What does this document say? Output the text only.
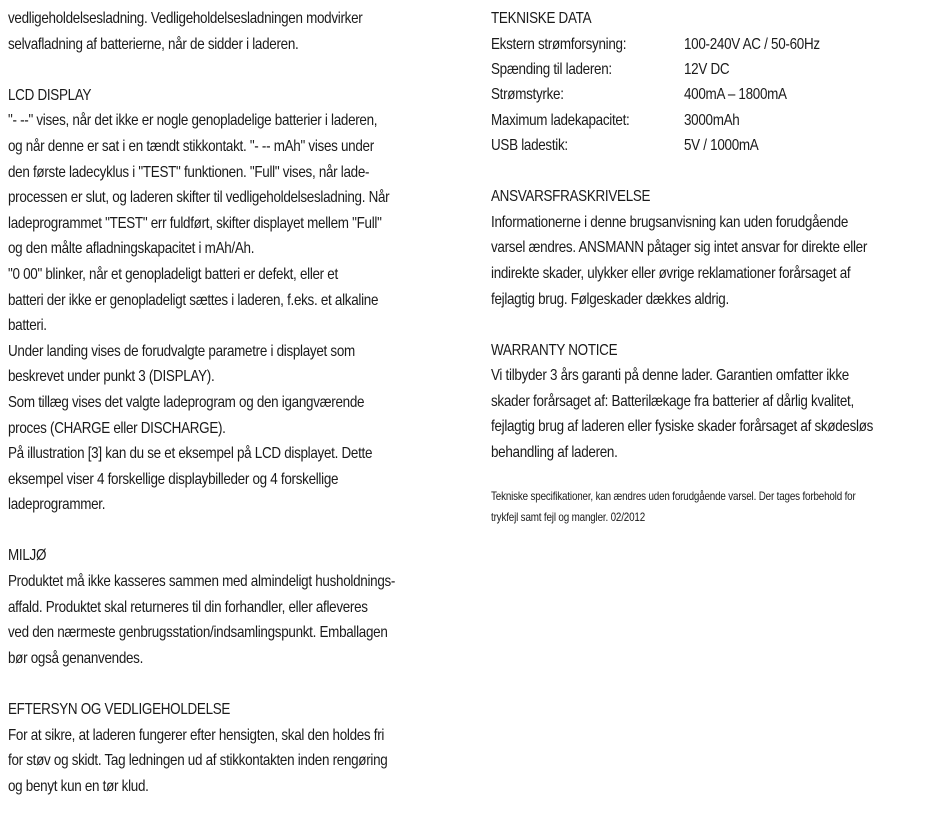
vedligeholdelsesladning. Vedligeholdelsesladningen modvirker
selvafladning af batterierne, når de sidder i laderen.
LCD DISPLAY
"- --" vises, når det ikke er nogle genopladelige batterier i laderen,
og når denne er sat i en tændt stikkontakt. "- -- mAh" vises under
den første ladecyklus i "TEST" funktionen. "Full" vises, når lade-
processen er slut, og laderen skifter til vedligeholdelsesladning. Når
ladeprogrammet "TEST" err fuldført, skifter displayet mellem "Full"
og den målte afladningskapacitet i mAh/Ah.
"0 00" blinker, når et genopladeligt batteri er defekt, eller et
batteri der ikke er genopladeligt sættes i laderen, f.eks. et alkaline
batteri.
Under landing vises de forudvalgte parametre i displayet som
beskrevet under punkt 3 (DISPLAY).
Som tillæg vises det valgte ladeprogram og den igangværende
proces (CHARGE eller DISCHARGE).
På illustration [3] kan du se et eksempel på LCD displayet. Dette
eksempel viser 4 forskellige displaybilleder og 4 forskellige
ladeprogrammer.
MILJØ
Produktet må ikke kasseres sammen med almindeligt husholdnings-
affald. Produktet skal returneres til din forhandler, eller afleveres
ved den nærmeste genbrugsstation/indsamlingspunkt. Emballagen
bør også genanvendes.
EFTERSYN OG VEDLIGEHOLDELSE
For at sikre, at laderen fungerer efter hensigten, skal den holdes fri
for støv og skidt. Tag ledningen ud af stikkontakten inden rengøring
og benyt kun en tør klud.
TEKNISKE DATA
Ekstern strømforsyning:	100-240V AC / 50-60Hz
Spænding til laderen:	12V DC
Strømstyrke:	400mA – 1800mA
Maximum ladekapacitet:	3000mAh
USB ladestik:	5V / 1000mA
ANSVARSFRASKRIVELSE
Informationerne i denne brugsanvisning kan uden forudgående
varsel ændres. ANSMANN påtager sig intet ansvar for direkte eller
indirekte skader, ulykker eller øvrige reklamationer forårsaget af
fejlagtig brug. Følgeskader dækkes aldrig.
WARRANTY NOTICE
Vi tilbyder 3 års garanti på denne lader. Garantien omfatter ikke
skader forårsaget af: Batterilækage fra batterier af dårlig kvalitet,
fejlagtig brug af laderen eller fysiske skader forårsaget af skødesløs
behandling af laderen.
Tekniske specifikationer, kan ændres uden forudgående varsel. Der tages forbehold for
trykfejl samt fejl og mangler. 02/2012
